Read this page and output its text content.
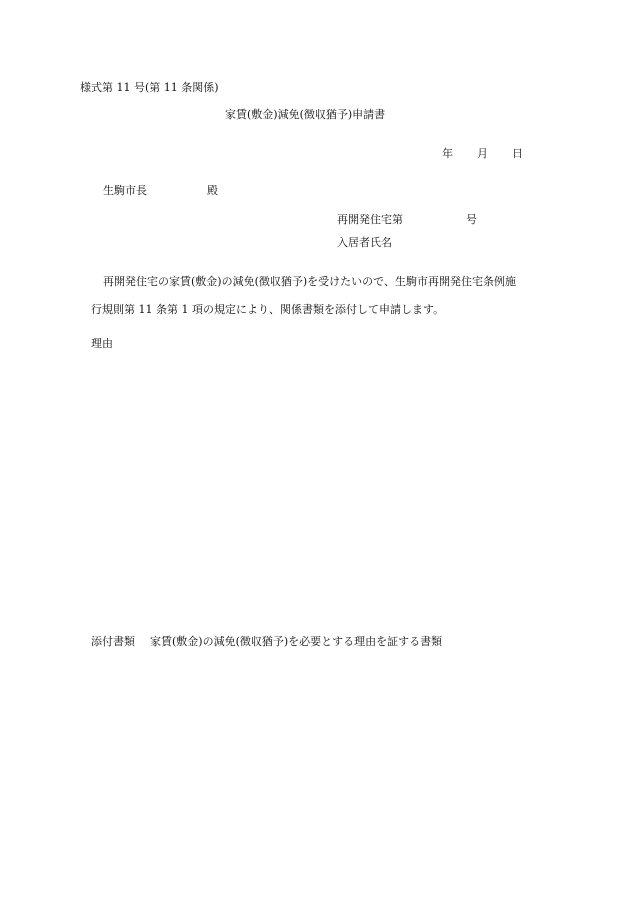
様式第 11 号(第 11 条関係)
家賃(敷金)減免(徴収猶予)申請書
年 月 日
生駒市長	殿
再開発住宅第	号
入居者氏名
再開発住宅の家賃(敷金)の減免(徴収猶予)を受けたいので、生駒市再開発住宅条例施
行規則第 11 条第 1 項の規定により、関係書類を添付して申請します。
理由
添付書類 家賃(敷金)の減免(徴収猶予)を必要とする理由を証する書類
